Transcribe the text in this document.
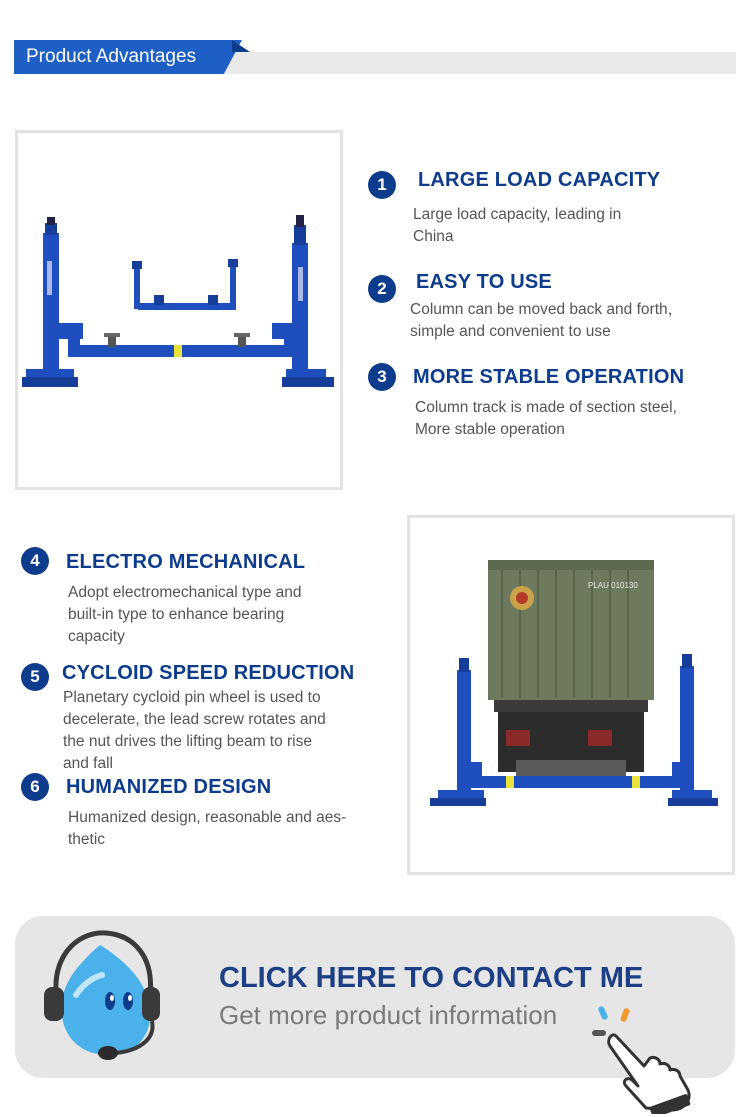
Product Advantages
1	LARGE LOAD CAPACITY
Large load capacity, leading in
China
2	EASY TO USE
Column can be moved back and forth，
simple and convenient to use
3	MORE STABLE OPERATION
Column track is made of section steel,
More stable operation
4	ELECTRO MECHANICAL
Adopt electromechanical type and
built-in type to enhance bearing
capacity
5	CYCLOID SPEED REDUCTION
Planetary cycloid pin wheel is used to
decelerate, the lead screw rotates and
the nut drives the lifting beam to rise
and fall
6	HUMANIZED DESIGN
Humanized design, reasonable and aes-
thetic
PLAU 010130
CLICK HERE TO CONTACT ME
Get more product information
